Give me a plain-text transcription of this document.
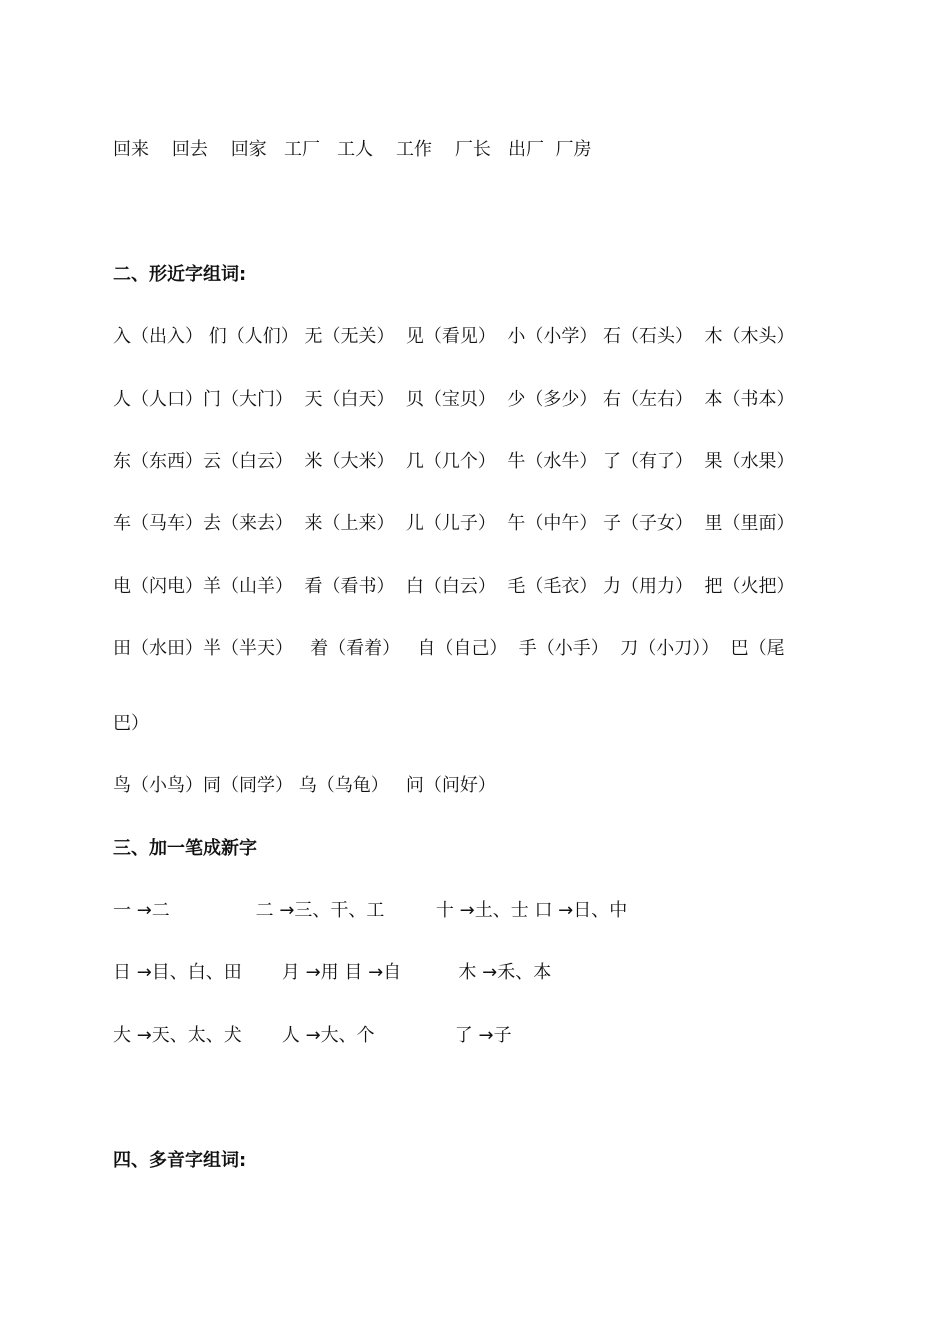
回来    回去    回家   工厂   工人    工作    厂长   出厂  厂房
二、形近字组词:
入（出入） 们（人们） 无（无关）  见（看见）  小（小学） 石（石头）  木（木头）
人（人口）门（大门）  天（白天）  贝（宝贝）  少（多少） 右（左右）  本（书本）
东（东西）云（白云）  米（大米）  几（几个）  牛（水牛） 了（有了）  果（水果）
车（马车）去（来去）  来（上来）  儿（儿子）  午（中午） 子（子女）  里（里面）
电（闪电）羊（山羊）  看（看书）  白（白云）  毛（毛衣） 力（用力）  把（火把）
田（水田）半（半天）   着（看着）   自（自己）  手（小手）  刀（小刀））  巴（尾
巴）
鸟（小鸟）同（同学） 乌（乌龟）   问（问好）
三、加一笔成新字
一 →二               二 →三、干、工         十 →土、士 口 →日、中
日 →目、白、田       月 →用 目 →自          木 →禾、本
大 →天、太、犬       人 →大、个              了 →子
四、多音字组词:
